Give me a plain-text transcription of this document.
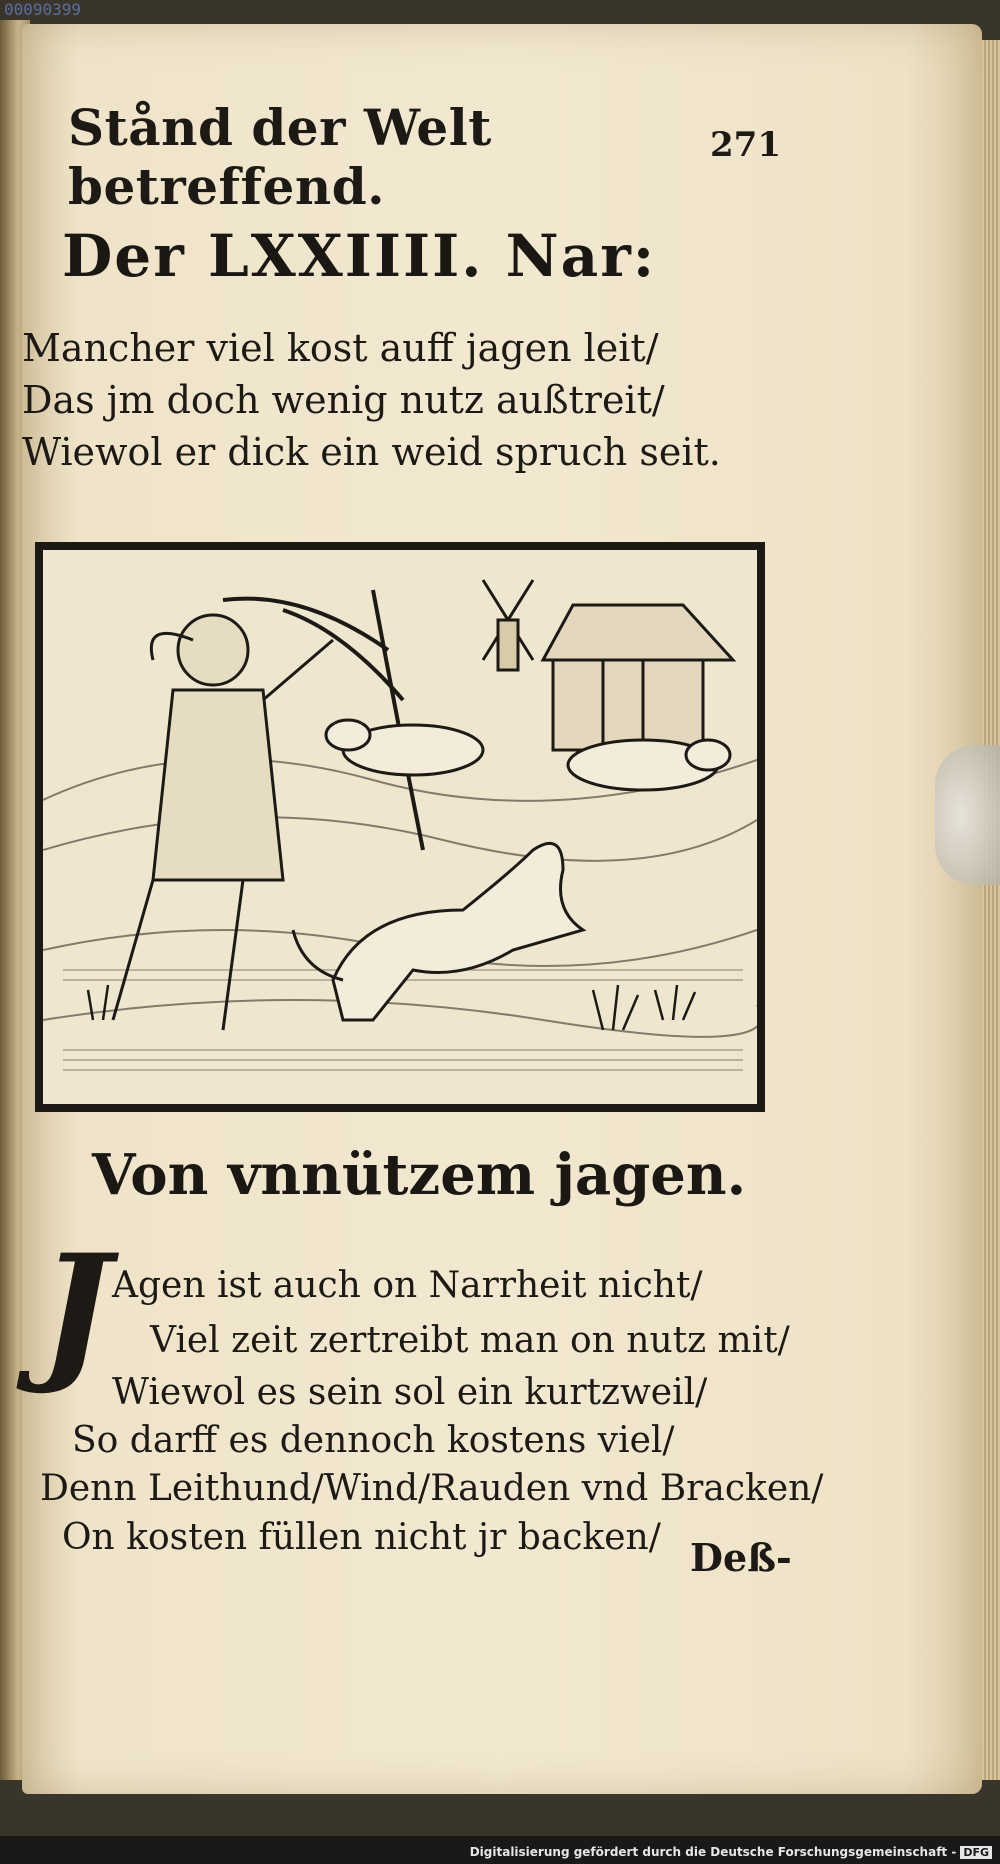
00090399
Stånd der Welt betreffend.
271
Der LXXIIII. Nar:
Mancher viel kost auff jagen leit/
Das jm doch wenig nutz außtreit/
Wiewol er dick ein weid spruch seit.
Von vnnützem jagen.
J Agen ist auch on Narrheit nicht/
Viel zeit zertreibt man on nutz mit/
Wiewol es sein sol ein kurtzweil/
So darff es dennoch kostens viel/
Denn Leithund/Wind/Rauden vnd Bracken/
On kosten füllen nicht jr backen/ Deß-
Digitalisierung gefördert durch die Deutsche Forschungsgemeinschaft - DFG
